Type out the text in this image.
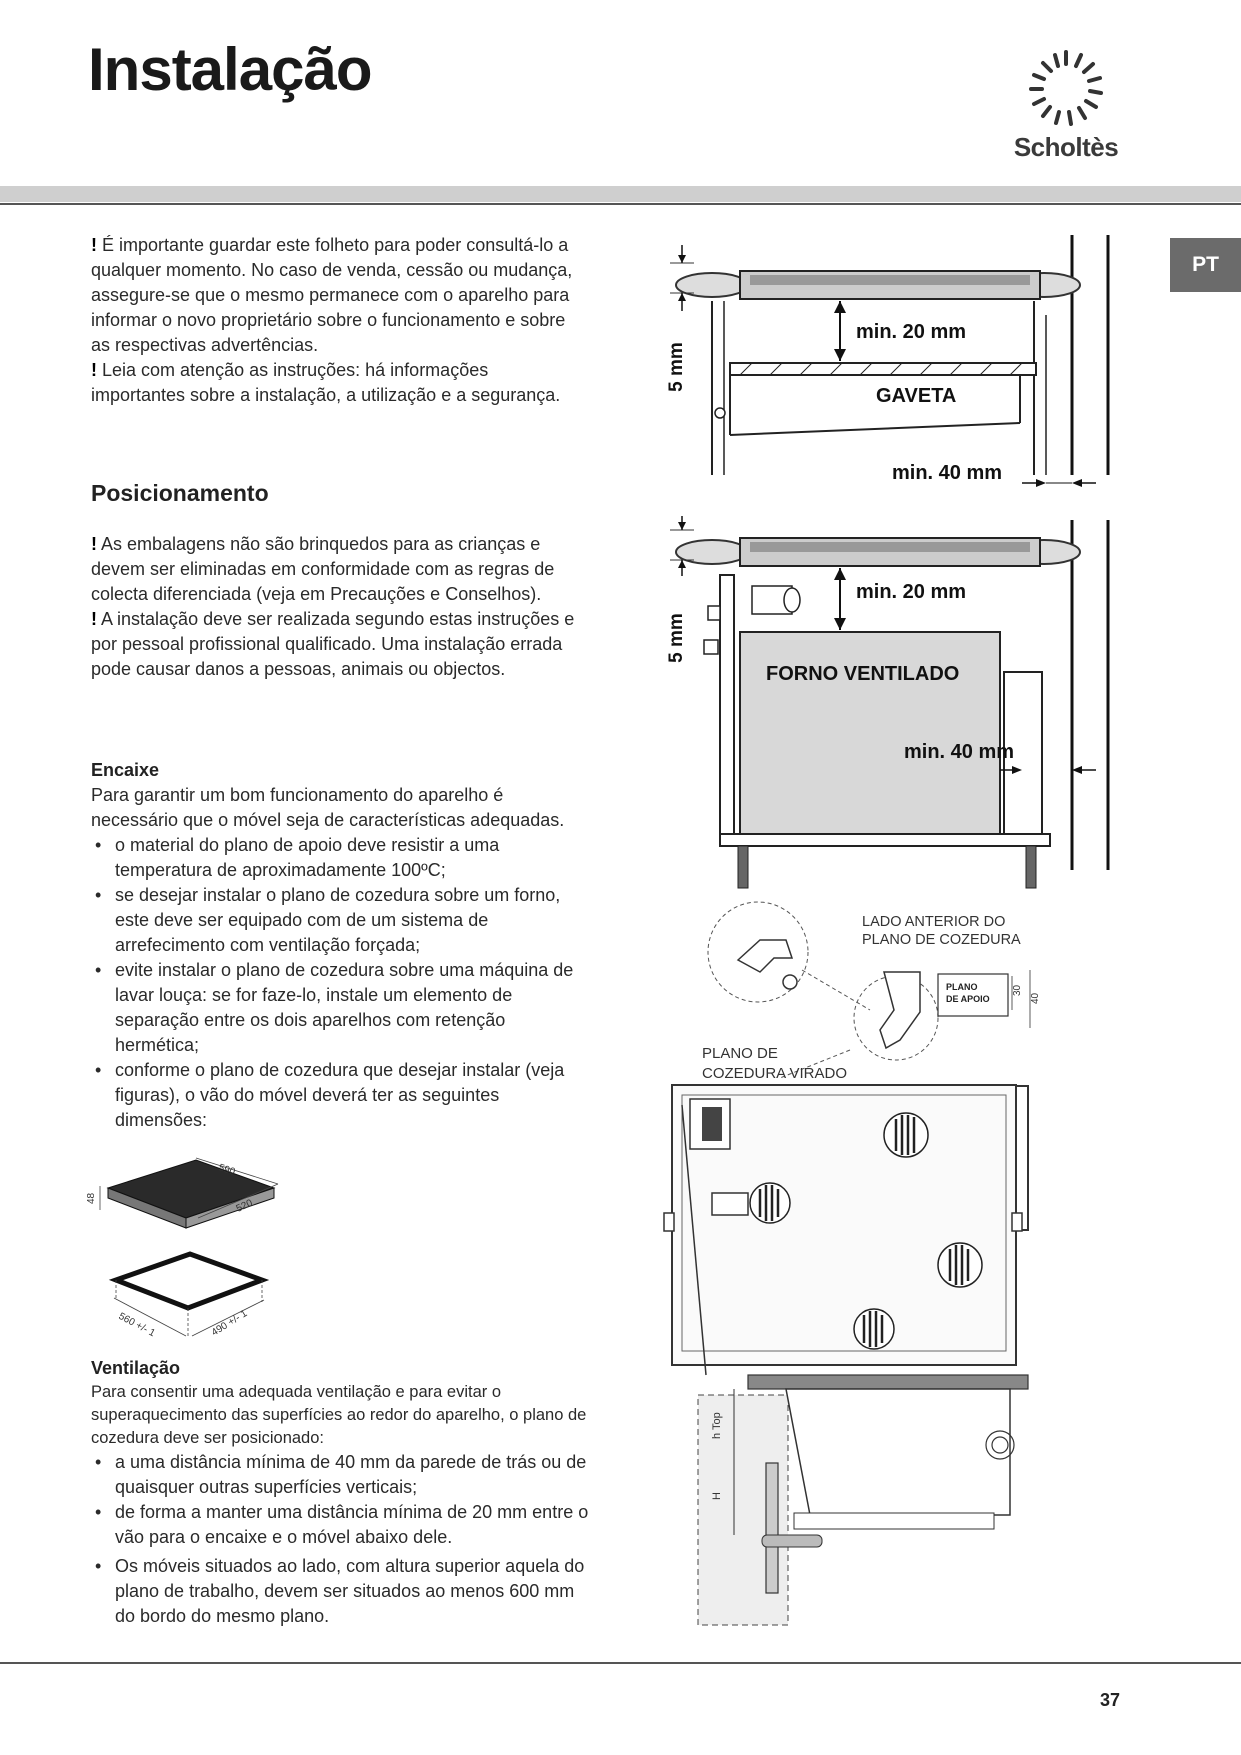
Instalação
Scholtès
PT

! É importante guardar este folheto para poder consultá-lo a qualquer momento. No caso de venda, cessão ou mudança, assegure-se que o mesmo permanece com o aparelho para informar o novo proprietário sobre o funcionamento e sobre as respectivas advertências.

! Leia com atenção as instruções: há informações importantes sobre a instalação, a utilização e a segurança.

Posicionamento

! As embalagens não são brinquedos para as crianças e devem ser eliminadas em conformidade com as regras de colecta diferenciada (veja em Precauções e Conselhos).

! A instalação deve ser realizada segundo estas instruções e por pessoal profissional qualificado. Uma instalação errada pode causar danos a pessoas, animais ou objectos.

Encaixe

Para garantir um bom funcionamento do aparelho é necessário que o móvel seja de características adequadas.

• o material do plano de apoio deve resistir a uma temperatura de aproximadamente 100ºC;
• se desejar instalar o plano de cozedura sobre um forno, este deve ser equipado com de um sistema de arrefecimento com ventilação forçada;
• evite instalar o plano de cozedura sobre uma máquina de lavar louça: se for faze-lo, instale um elemento de separação entre os dois aparelhos com retenção hermética;
• conforme o plano de cozedura que desejar instalar (veja figuras), o vão do móvel deverá ter as seguintes dimensões:
590
520
48
560 +/- 1	490 +/- 1
Ventilação

Para consentir uma adequada ventilação e para evitar o superaquecimento das superfícies ao redor do aparelho, o plano de cozedura deve ser posicionado:

• a uma distância mínima de 40 mm da parede de trás ou de quaisquer outras superfícies verticais;
• de forma a manter uma distância mínima de 20 mm entre o vão para o encaixe e o móvel abaixo dele.
• Os móveis situados ao lado, com altura superior aquela do plano de trabalho, devem ser situados ao menos 600 mm do bordo do mesmo plano.
5 mm
min. 20 mm
GAVETA
min. 40 mm
5 mm
min. 20 mm
FORNO VENTILADO
min. 40 mm
LADO ANTERIOR DO
PLANO DE COZEDURA
PLANO
DE APOIO
30
40
PLANO DE
COZEDURA VIRADO
h Top
H
37
